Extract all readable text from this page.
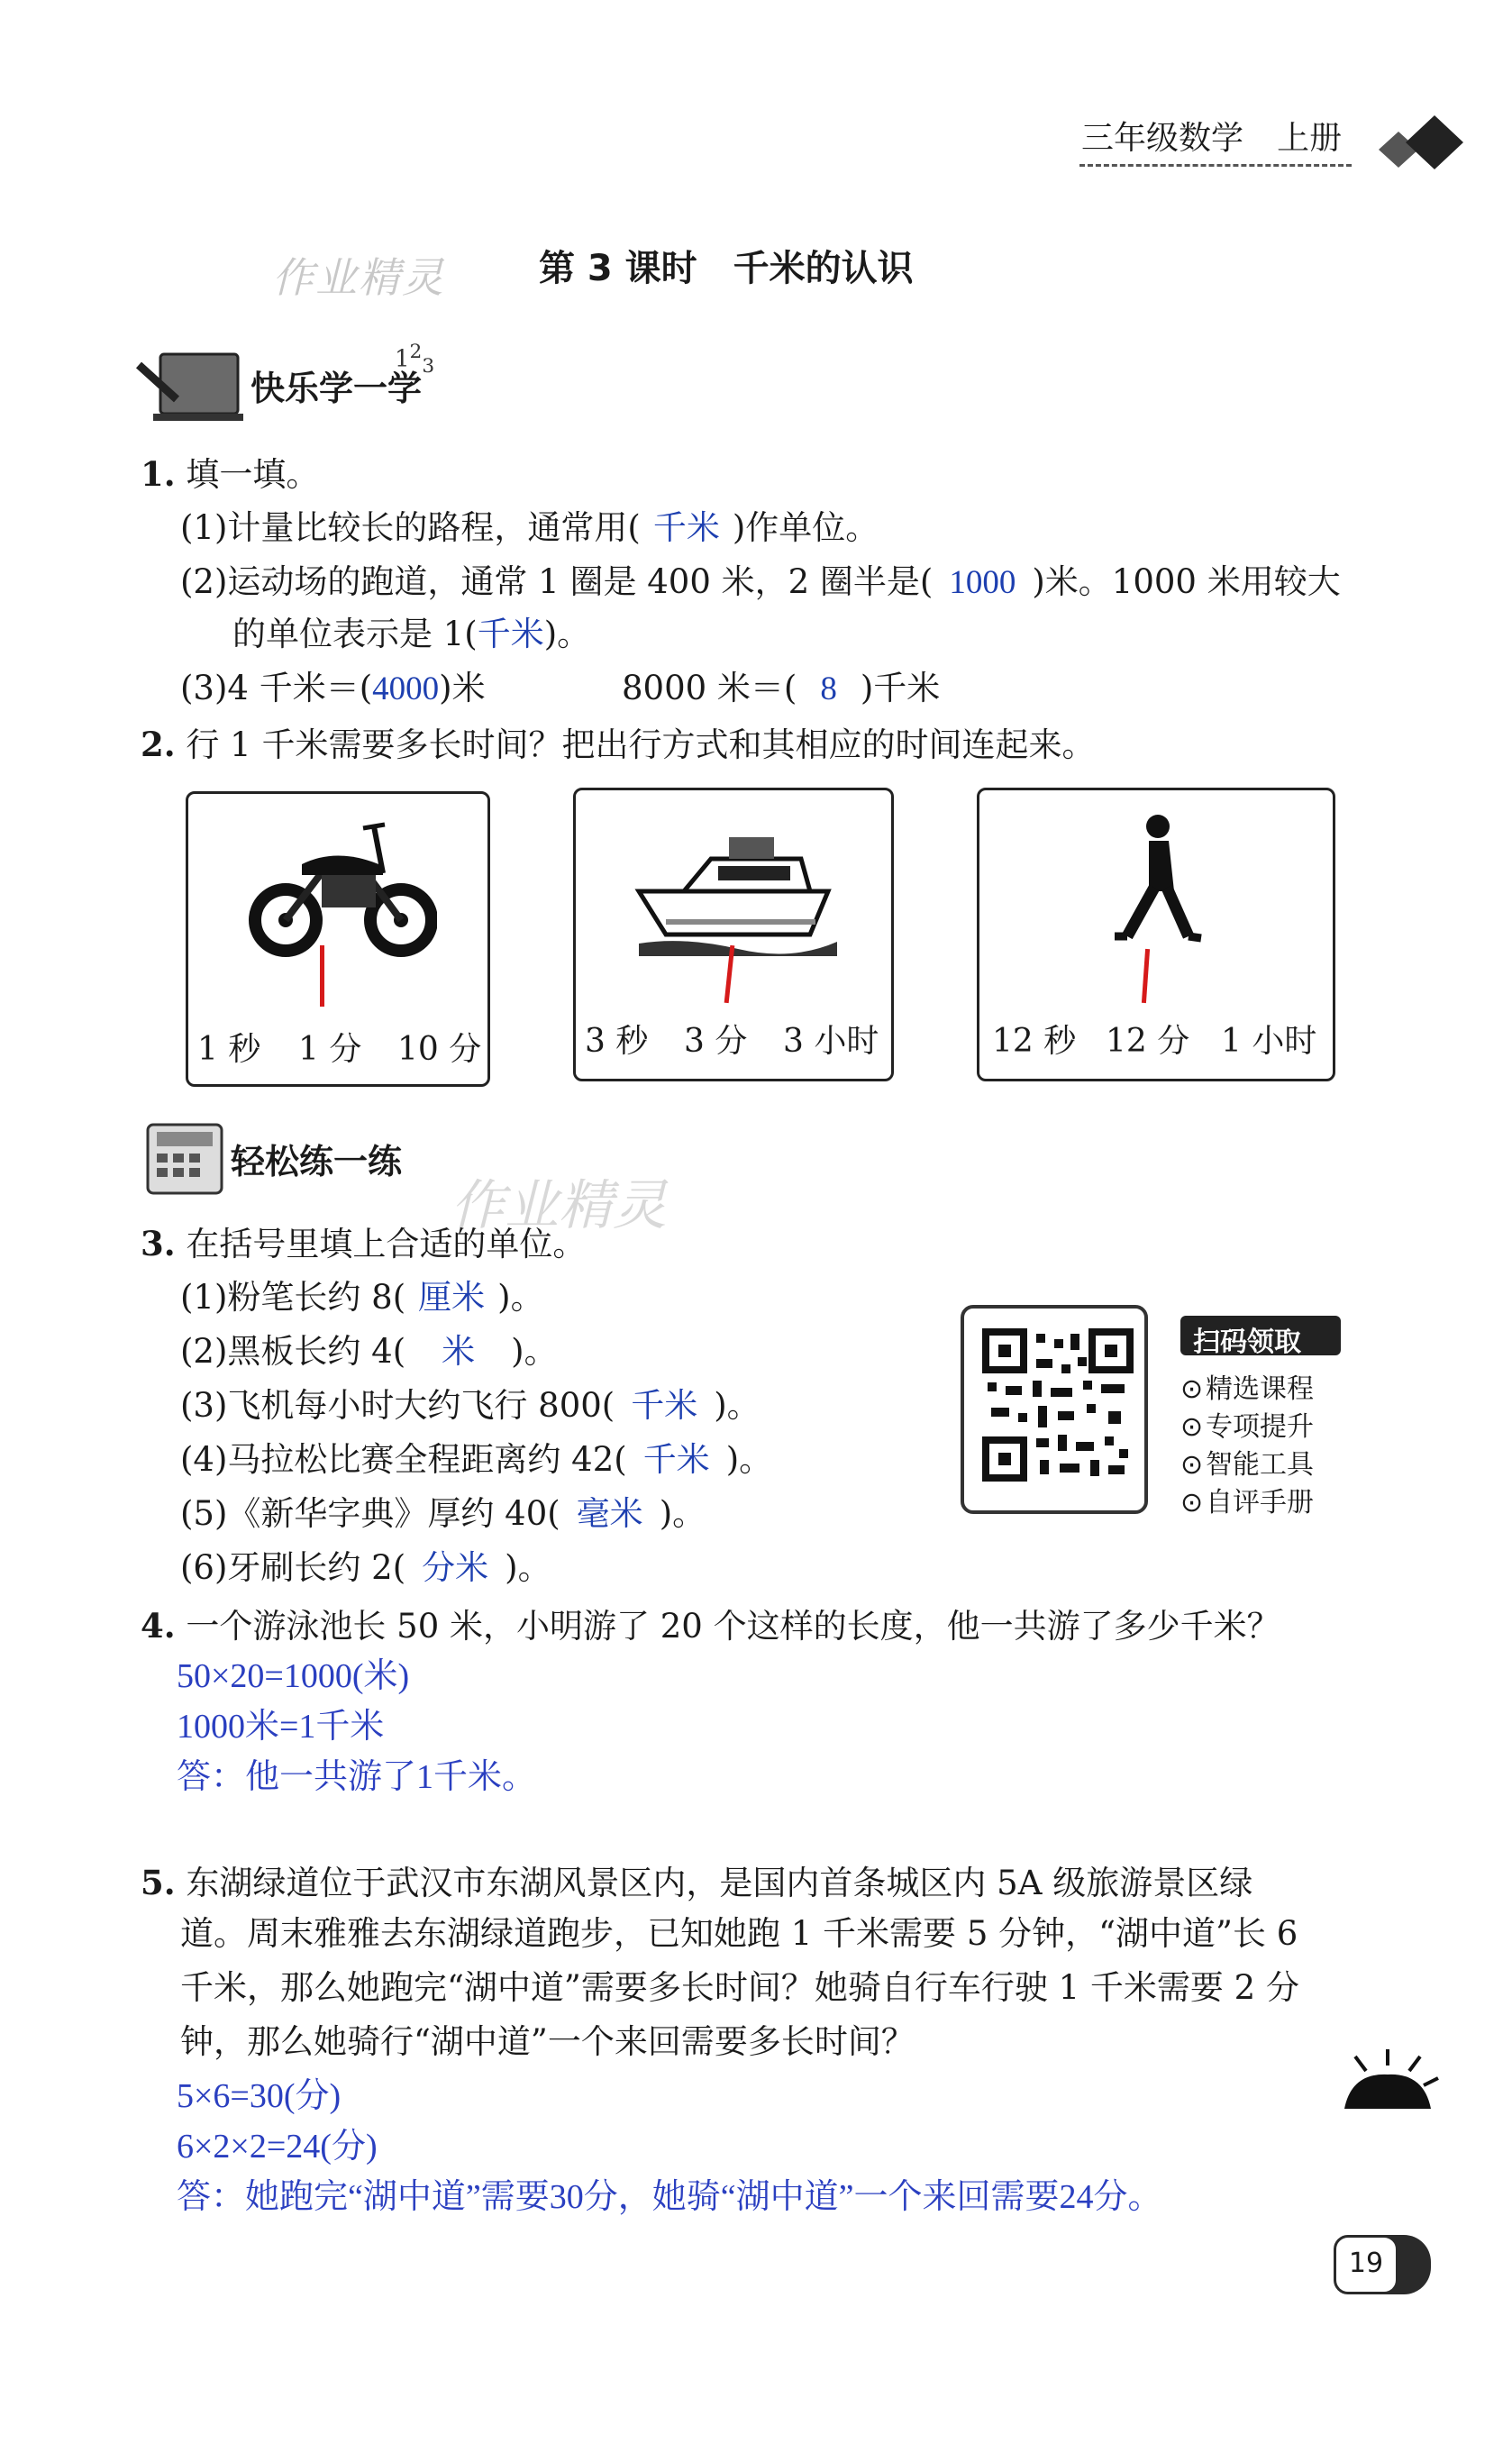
三年级数学 上册
作业精灵	第 3 课时　千米的认识
快乐学一学
$1^2_3$
1. 填一填。
(1)计量比较长的路程，通常用( 千米 )作单位。
(2)运动场的跑道，通常 1 圈是 400 米，2 圈半是( 1000 )米。1000 米用较大
的单位表示是 1(千米)。
(3)4 千米＝(4000)米	8000 米＝( 8 )千米
2. 行 1 千米需要多长时间？把出行方式和其相应的时间连起来。
1 秒 1 分 10 分	3 秒 3 分 3 小时	12 秒 12 分 1 小时
轻松练一练
作业精灵
3. 在括号里填上合适的单位。
(1)粉笔长约 8( 厘米 )。
(2)黑板长约 4( 米 )。
(3)飞机每小时大约飞行 800( 千米 )。
(4)马拉松比赛全程距离约 42( 千米 )。
(5)《新华字典》厚约 40( 毫米 )。
(6)牙刷长约 2( 分米 )。
扫码领取
⊙精选课程
⊙专项提升
⊙智能工具
⊙自评手册
4. 一个游泳池长 50 米，小明游了 20 个这样的长度，他一共游了多少千米？
50×20=1000(米)
1000米=1千米
答：他一共游了1千米。
5. 东湖绿道位于武汉市东湖风景区内，是国内首条城区内 5A 级旅游景区绿
道。周末雅雅去东湖绿道跑步，已知她跑 1 千米需要 5 分钟，“湖中道”长 6
千米，那么她跑完“湖中道”需要多长时间？她骑自行车行驶 1 千米需要 2 分
钟，那么她骑行“湖中道”一个来回需要多长时间？
5×6=30(分)
6×2×2=24(分)
答：她跑完“湖中道”需要30分，她骑“湖中道”一个来回需要24分。
19
